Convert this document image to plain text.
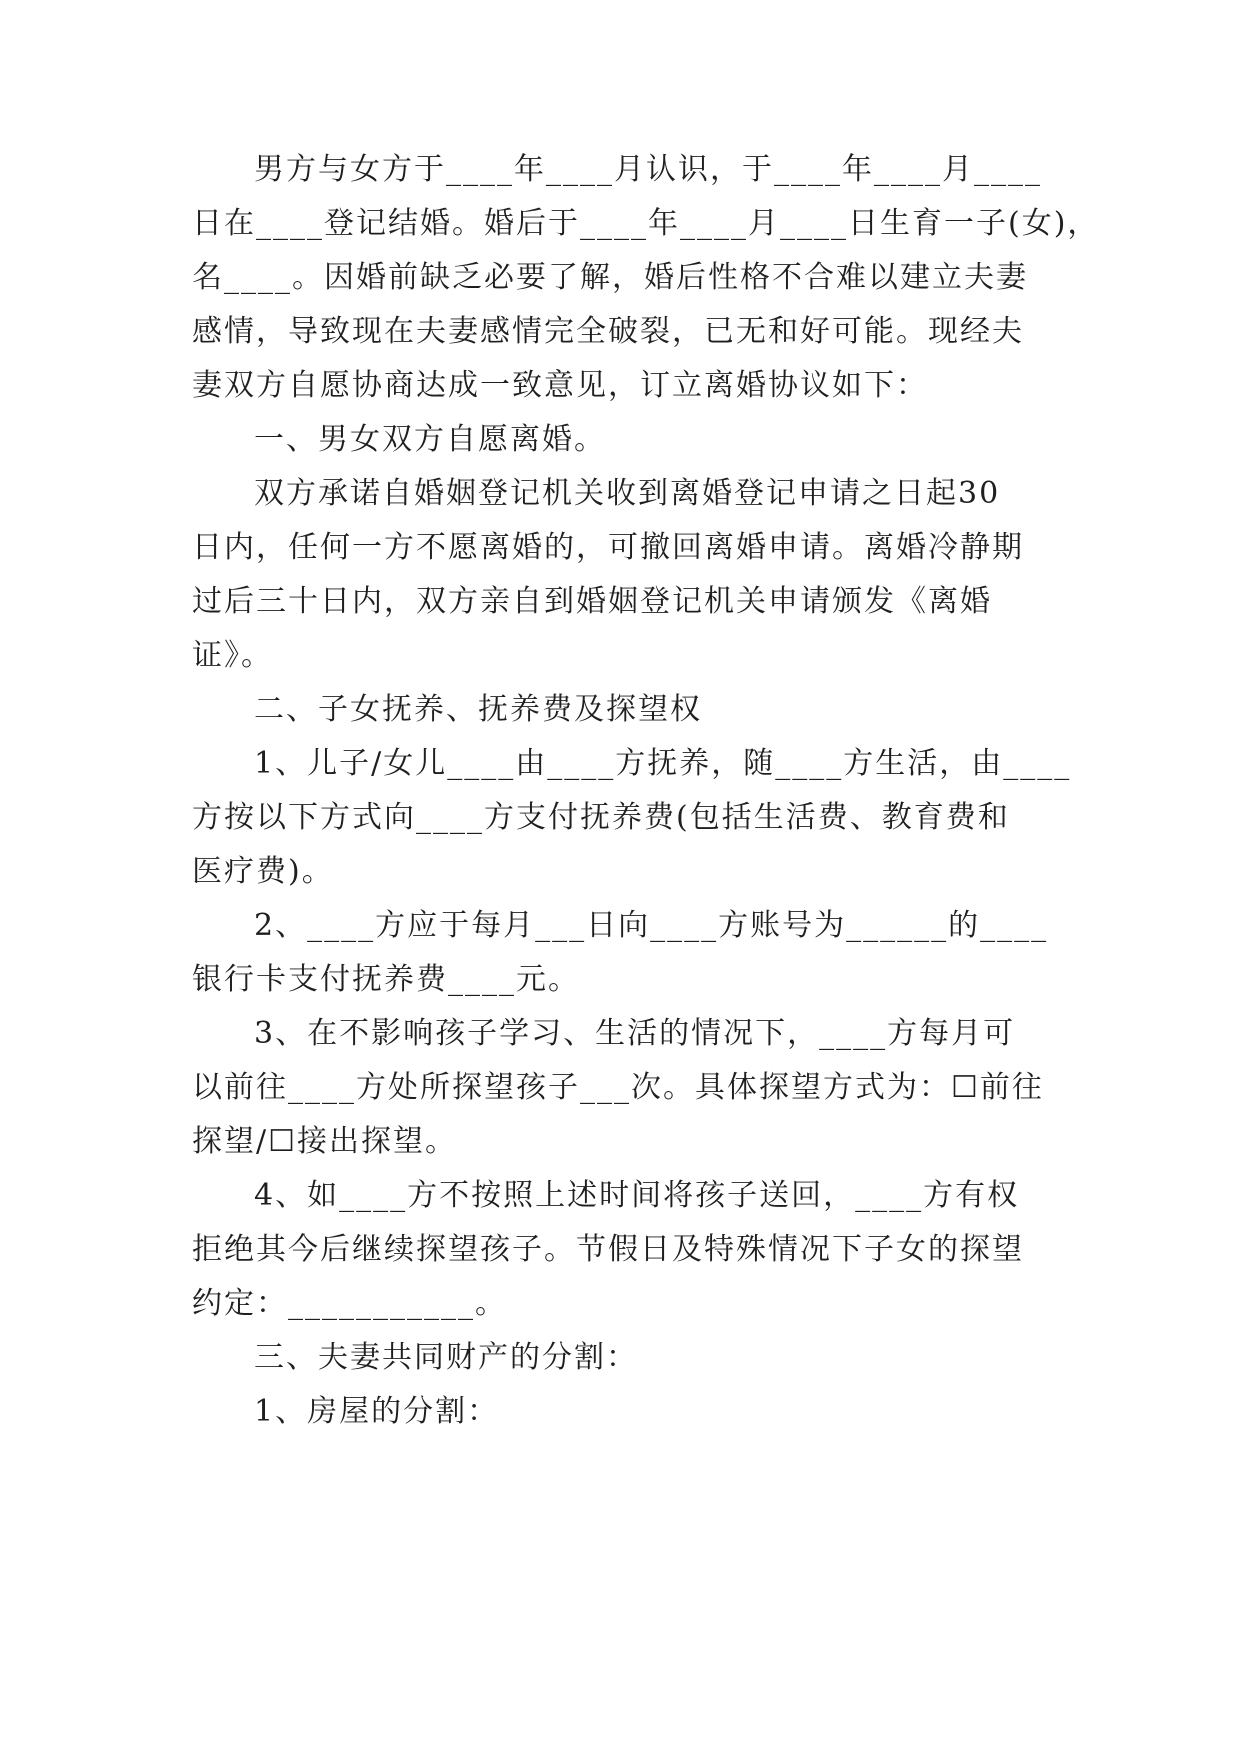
男方与女方于____年____月认识，于____年____月____
日在____登记结婚。婚后于____年____月____日生育一子(女)，
名____。因婚前缺乏必要了解，婚后性格不合难以建立夫妻
感情，导致现在夫妻感情完全破裂，已无和好可能。现经夫
妻双方自愿协商达成一致意见，订立离婚协议如下：
一、男女双方自愿离婚。
双方承诺自婚姻登记机关收到离婚登记申请之日起30
日内，任何一方不愿离婚的，可撤回离婚申请。离婚冷静期
过后三十日内，双方亲自到婚姻登记机关申请颁发《离婚
证》。
二、子女抚养、抚养费及探望权
1、儿子/女儿____由____方抚养，随____方生活，由____
方按以下方式向____方支付抚养费(包括生活费、教育费和
医疗费)。
2、____方应于每月___日向____方账号为______的____
银行卡支付抚养费____元。
3、在不影响孩子学习、生活的情况下，____方每月可
以前往____方处所探望孩子___次。具体探望方式为：☐前往
探望/☐接出探望。
4、如____方不按照上述时间将孩子送回，____方有权
拒绝其今后继续探望孩子。节假日及特殊情况下子女的探望
约定：___________。
三、夫妻共同财产的分割：
1、房屋的分割：
